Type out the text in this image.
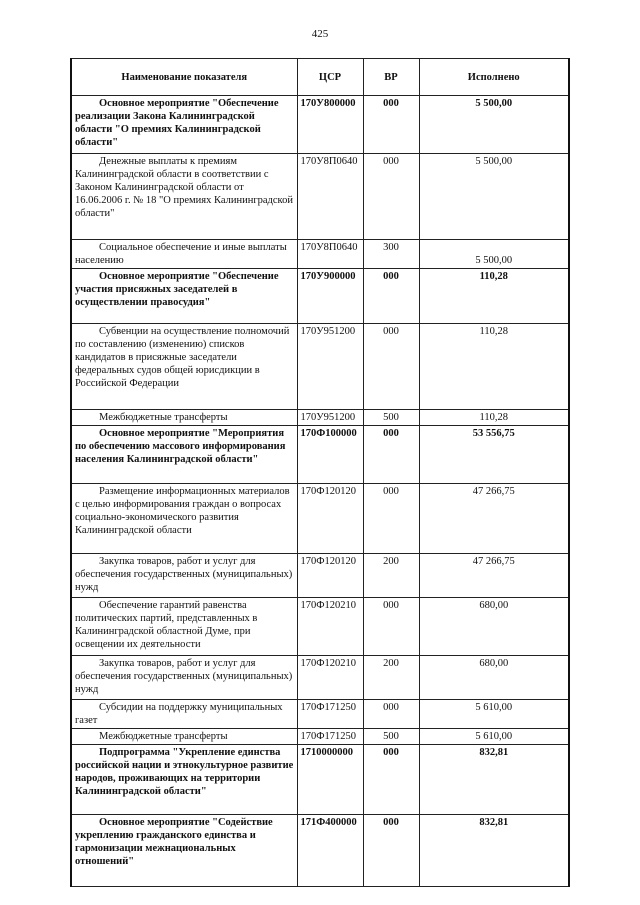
425
Наименование показателя	ЦСР	ВР	Исполнено
Основное мероприятие "Обеспечение реализации Закона Калининградской области "О премиях Калининградской области"	170У800000	000	5 500,00
Денежные выплаты к премиям Калининградской области в соответствии с Законом Калининградской области от 16.06.2006 г. № 18 "О премиях Калининградской области"	170У8П0640	000	5 500,00
Социальное обеспечение и иные выплаты населению	170У8П0640	300	5 500,00
Основное мероприятие "Обеспечение участия присяжных заседателей в осуществлении правосудия"	170У900000	000	110,28
Субвенции на осуществление полномочий по составлению (изменению) списков кандидатов в присяжные заседатели федеральных судов общей юрисдикции в Российской Федерации	170У951200	000	110,28
Межбюджетные трансферты	170У951200	500	110,28
Основное мероприятие "Мероприятия по обеспечению массового информирования населения Калининградской области"	170Ф100000	000	53 556,75
Размещение информационных материалов с целью информирования граждан о вопросах социально-экономического развития Калининградской области	170Ф120120	000	47 266,75
Закупка товаров, работ и услуг для обеспечения государственных (муниципальных) нужд	170Ф120120	200	47 266,75
Обеспечение гарантий равенства политических партий, представленных в Калининградской областной Думе, при освещении их деятельности	170Ф120210	000	680,00
Закупка товаров, работ и услуг для обеспечения государственных (муниципальных) нужд	170Ф120210	200	680,00
Субсидии на поддержку муниципальных газет	170Ф171250	000	5 610,00
Межбюджетные трансферты	170Ф171250	500	5 610,00
Подпрограмма "Укрепление единства российской нации и этнокультурное развитие народов, проживающих на территории Калининградской области"	1710000000	000	832,81
Основное мероприятие "Содействие укреплению гражданского единства и гармонизации межнациональных отношений"	171Ф400000	000	832,81
